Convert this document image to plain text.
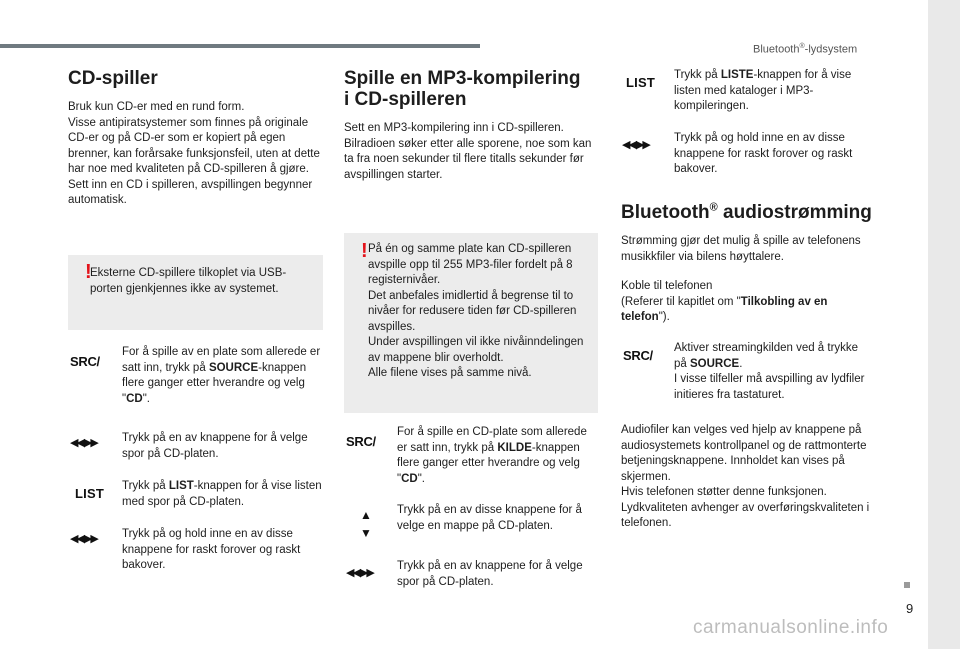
Bluetooth®-lydsystem
9
carmanualsonline.info
CD-spiller

Bruk kun CD-er med en rund form.
Visse antipiratsystemer som finnes på originale CD-er og på CD-er som er kopiert på egen brenner, kan forårsake funksjonsfeil, uten at dette har noe med kvaliteten på CD-spilleren å gjøre.
Sett inn en CD i spilleren, avspillingen begynner automatisk.

!

Eksterne CD-spillere tilkoplet via USB-porten gjenkjennes ikke av systemet.

SRC/

For å spille av en plate som allerede er satt inn, trykk på SOURCE-knappen flere ganger etter hverandre og velg "CD".

◀◀ ▶▶ Trykk på en av knappene for å velge spor på CD-platen.

LIST Trykk på LIST-knappen for å vise listen med spor på CD-platen.

◀◀ ▶▶ Trykk på og hold inne en av disse knappene for raskt forover og raskt bakover.

Spille en MP3-kompilering
i CD-spilleren

Sett en MP3-kompilering inn i CD-spilleren.
Bilradioen søker etter alle sporene, noe som kan ta fra noen sekunder til flere titalls sekunder før avspillingen starter.

! På én og samme plate kan CD-spilleren avspille opp til 255 MP3-filer fordelt på 8 registernivåer.
Det anbefales imidlertid å begrense til to nivåer for redusere tiden før CD-spilleren avspilles.
Under avspillingen vil ikke nivåinndelingen av mappene blir overholdt.
Alle filene vises på samme nivå.

SRC/

For å spille en CD-plate som allerede er satt inn, trykk på KILDE-knappen flere ganger etter hverandre og velg "CD".

▲
▼

Trykk på en av disse knappene for å velge en mappe på CD-platen.

◀◀ ▶▶

Trykk på en av knappene for å velge spor på CD-platen.

LIST Trykk på LISTE-knappen for å vise listen med kataloger i MP3-kompileringen.

◀◀ ▶▶

Trykk på og hold inne en av disse knappene for raskt forover og raskt bakover.

Bluetooth® audiostrømming

Strømming gjør det mulig å spille av telefonens musikkfiler via bilens høyttalere.

Koble til telefonen
(Referer til kapitlet om "Tilkobling av en telefon").

SRC/ Aktiver streamingkilden ved å trykke på SOURCE.
I visse tilfeller må avspilling av lydfiler initieres fra tastaturet.

Audiofiler kan velges ved hjelp av knappene på audiosystemets kontrollpanel og de rattmonterte betjeningsknappene. Innholdet kan vises på skjermen.
Hvis telefonen støtter denne funksjonen.
Lydkvaliteten avhenger av overføringskvaliteten i telefonen.
